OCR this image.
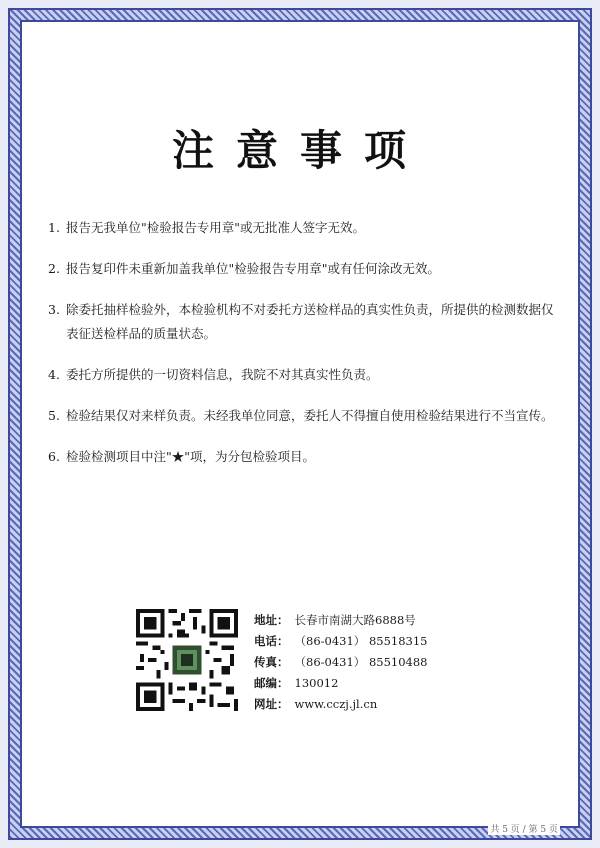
注意事项
1. 报告无我单位"检验报告专用章"或无批准人签字无效。
2. 报告复印件未重新加盖我单位"检验报告专用章"或有任何涂改无效。
3. 除委托抽样检验外，本检验机构不对委托方送检样品的真实性负责，所提供的检测数据仅表征送检样品的质量状态。
4. 委托方所提供的一切资料信息，我院不对其真实性负责。
5. 检验结果仅对来样负责。未经我单位同意，委托人不得擅自使用检验结果进行不当宣传。
6. 检验检测项目中注"★"项，为分包检验项目。
地址： 长春市南湖大路6888号
电话： （86-0431） 85518315
传真： （86-0431） 85510488
邮编： 130012
网址： www.cczj.jl.cn
共 5 页 / 第 5 页
